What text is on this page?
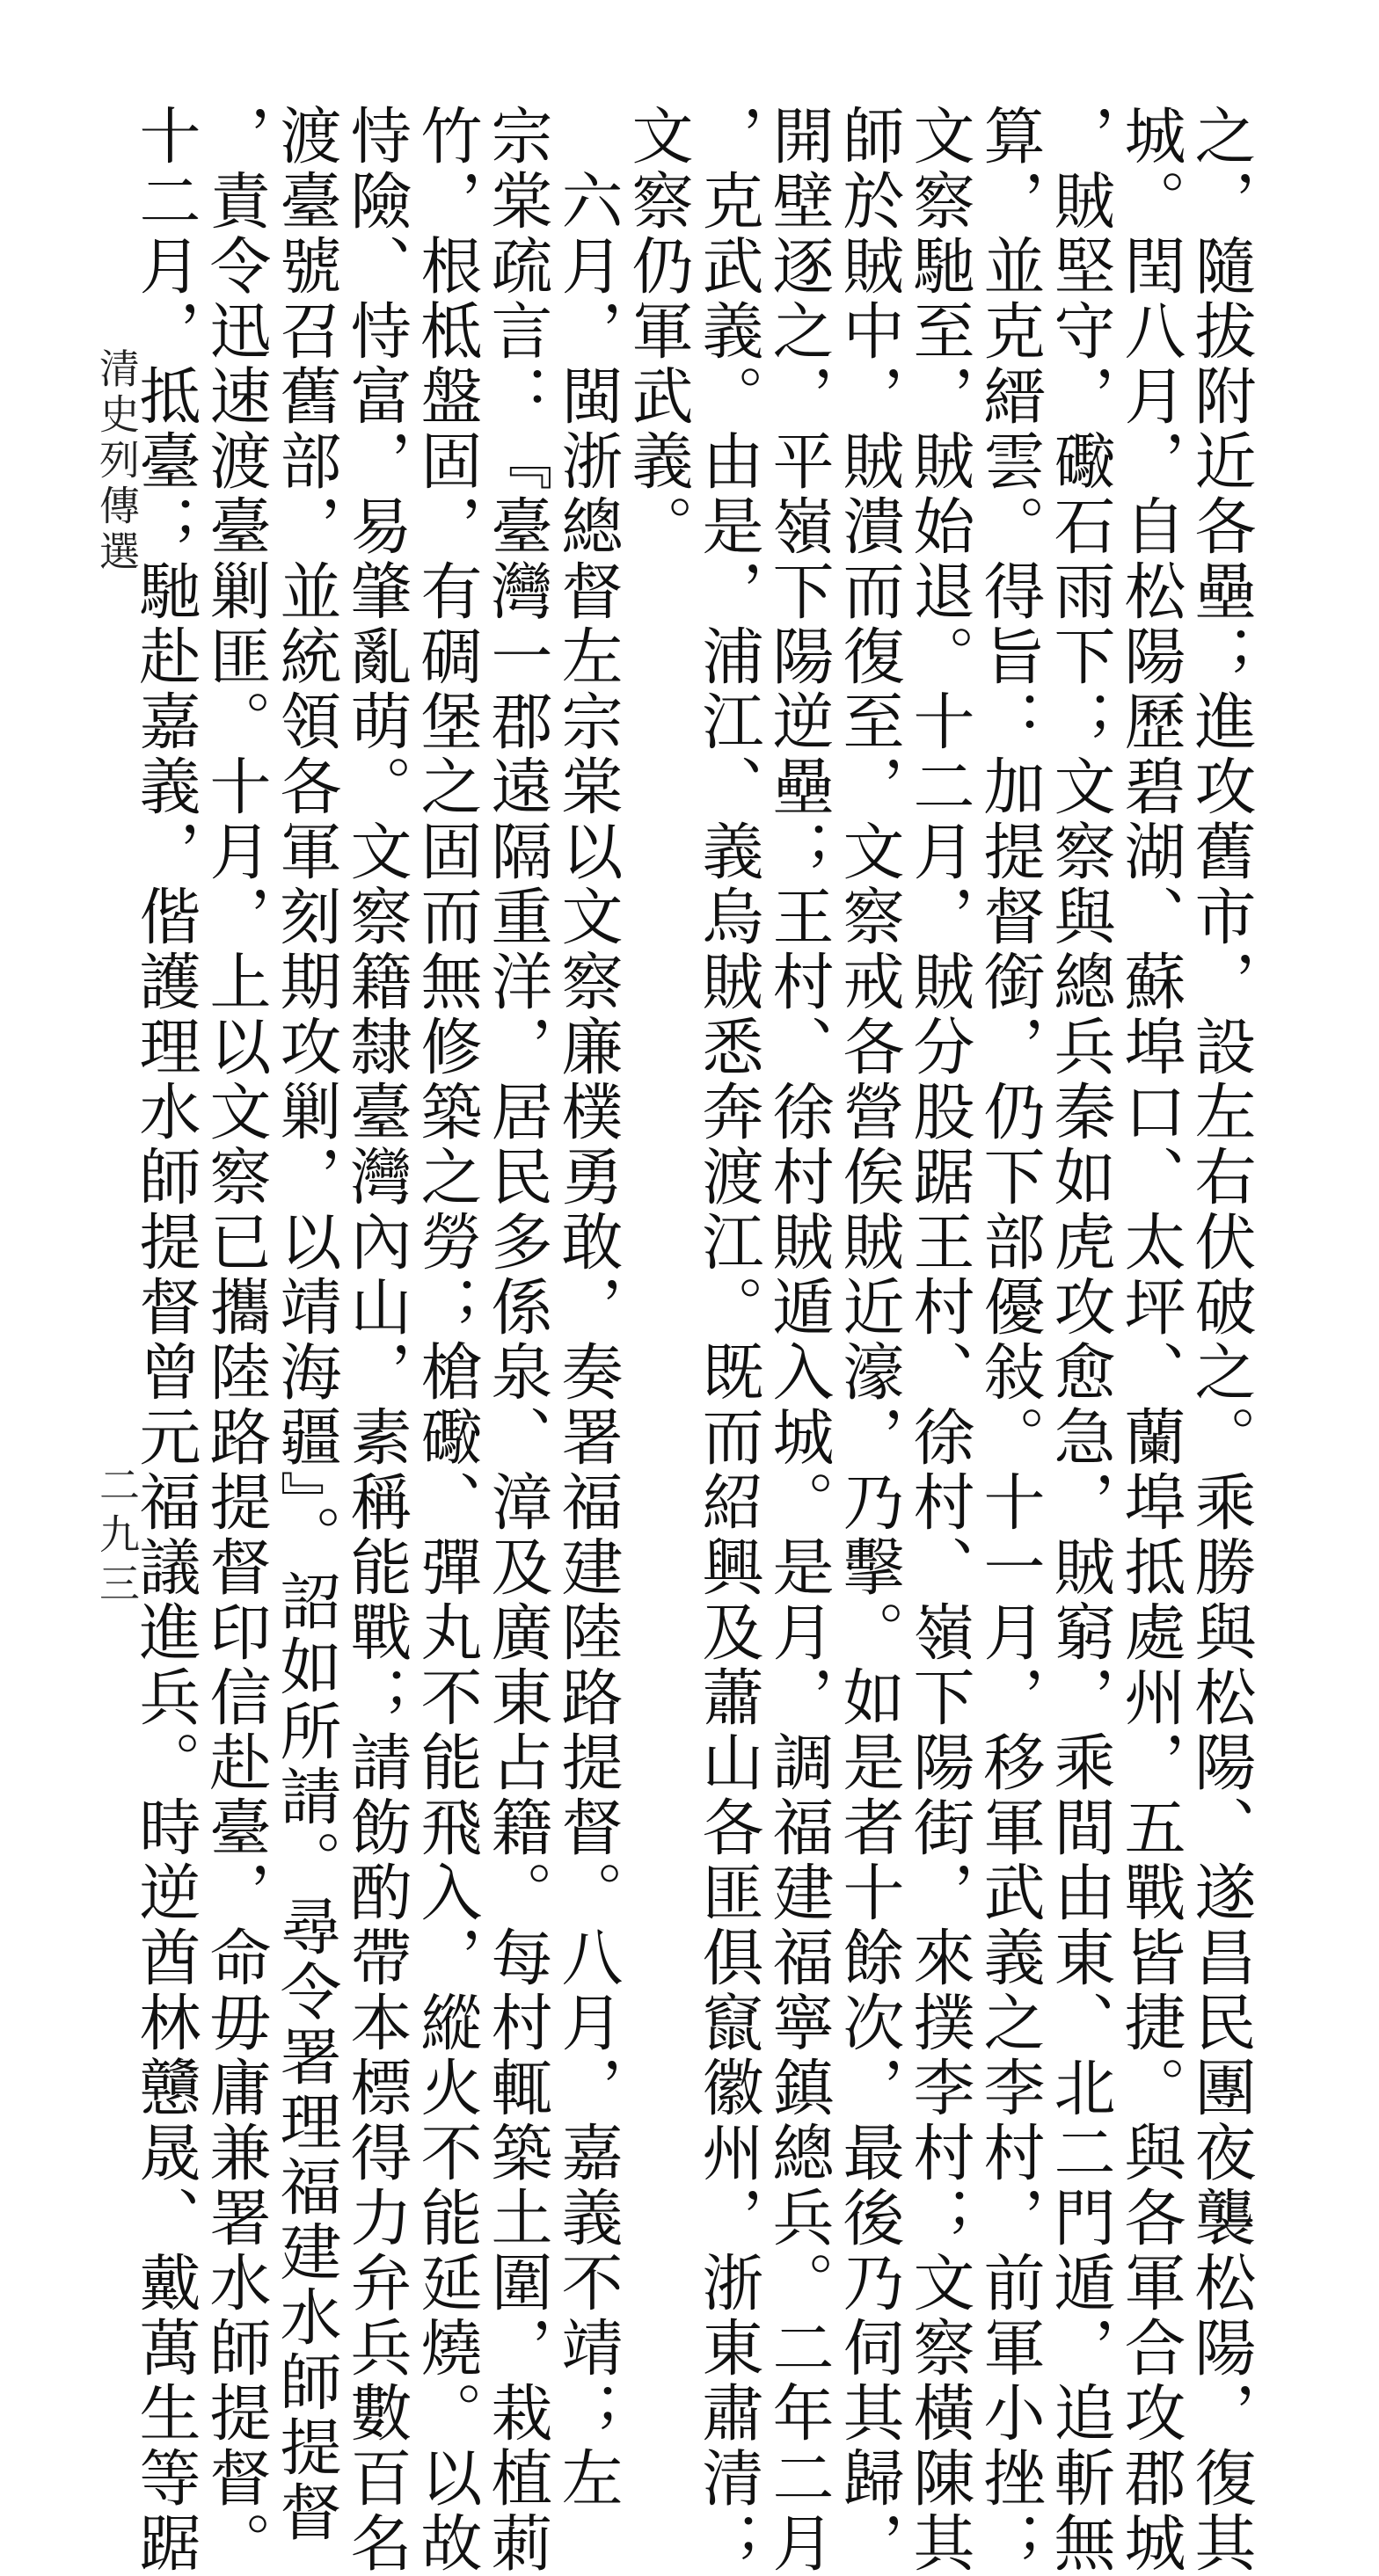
清史列傳選
二九三	之，隨拔附近各壘；進攻舊市，設左右伏破之。乘勝與松陽、遂昌民團夜襲松陽，復其
城。閏八月，自松陽歷碧湖、蘇埠口、太坪、蘭埠抵處州，五戰皆捷。與各軍合攻郡城
，賊堅守，礮石雨下；文察與總兵秦如虎攻愈急，賊窮，乘間由東、北二門遁，追斬無
算，並克縉雲。得旨：加提督銜，仍下部優敍。十一月，移軍武義之李村，前軍小挫；
文察馳至，賊始退。十二月，賊分股踞王村、徐村、嶺下陽街，來撲李村；文察橫陳其
師於賊中，賊潰而復至，文察戒各營俟賊近濠，乃擊。如是者十餘次，最後乃伺其歸，
開壁逐之，平嶺下陽逆壘；王村、徐村賊遁入城。是月，調福建福寧鎮總兵。二年二月
，克武義。由是，浦江、義烏賊悉奔渡江。既而紹興及蕭山各匪俱竄徽州，浙東肅清；
文察仍軍武義。
　六月，閩浙總督左宗棠以文察廉樸勇敢，奏署福建陸路提督。八月，嘉義不靖；左
宗棠疏言：『臺灣一郡遠隔重洋，居民多係泉、漳及廣東占籍。每村輒築土圍，栽植莿
竹，根柢盤固，有碉堡之固而無修築之勞；槍礮、彈丸不能飛入，縱火不能延燒。以故
恃險、恃富，易肇亂萌。文察籍隸臺灣內山，素稱能戰；請飭酌帶本標得力弁兵數百名
渡臺號召舊部，並統領各軍刻期攻剿，以靖海疆』。詔如所請。尋令署理福建水師提督
，責令迅速渡臺剿匪。十月，上以文察已攜陸路提督印信赴臺，命毋庸兼署水師提督。
十二月，抵臺；馳赴嘉義，偕護理水師提督曾元福議進兵。時逆酋林戇晟、戴萬生等踞
